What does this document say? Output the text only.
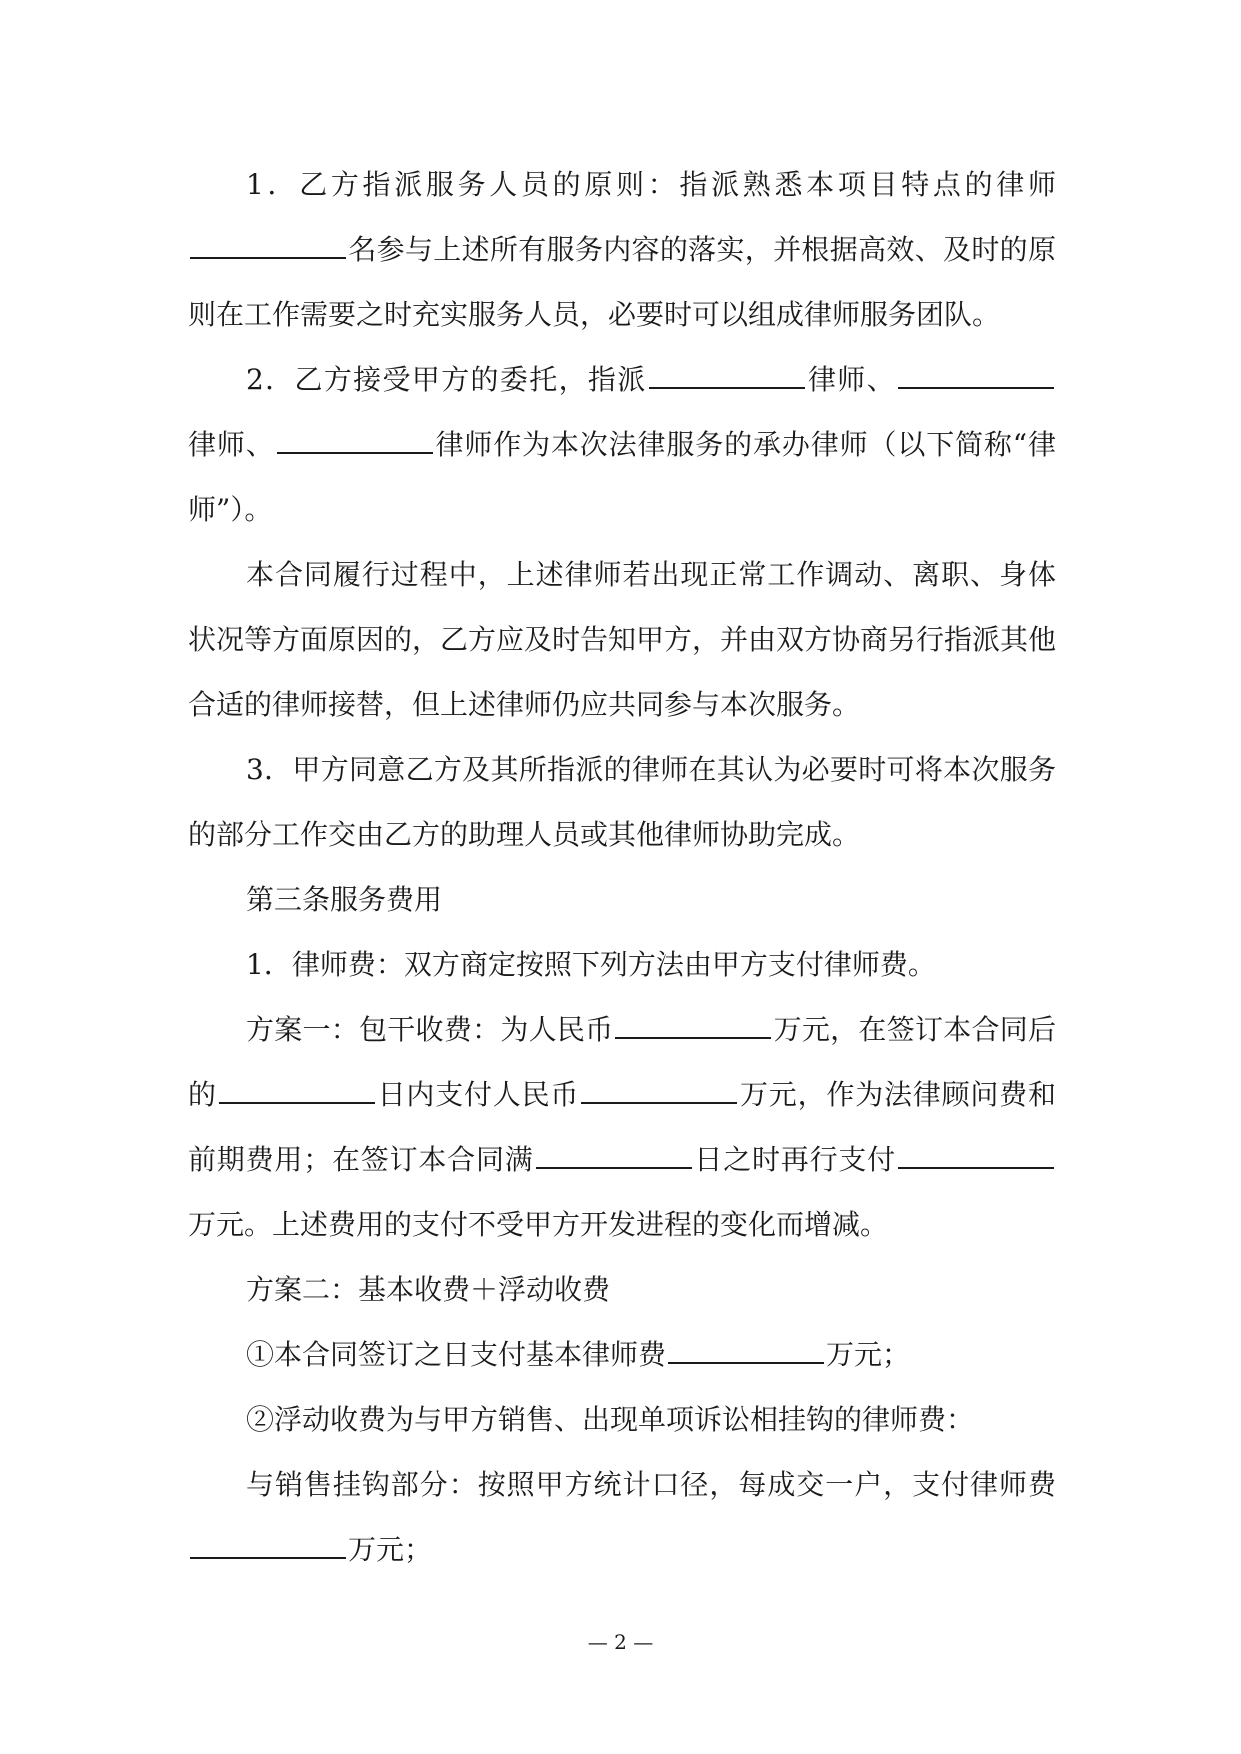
1．乙方指派服务人员的原则：指派熟悉本项目特点的律师名参与上述所有服务内容的落实，并根据高效、及时的原则在工作需要之时充实服务人员，必要时可以组成律师服务团队。

2．乙方接受甲方的委托，指派	律师、律师、	律师作为本次法律服务的承办律师（以下简称“律师”）。

本合同履行过程中，上述律师若出现正常工作调动、离职、身体状况等方面原因的，乙方应及时告知甲方，并由双方协商另行指派其他合适的律师接替，但上述律师仍应共同参与本次服务。

3．甲方同意乙方及其所指派的律师在其认为必要时可将本次服务的部分工作交由乙方的助理人员或其他律师协助完成。

第三条服务费用

1．律师费：双方商定按照下列方法由甲方支付律师费。

方案一：包干收费：为人民币	万元，在签订本合同后的	日内支付人民币	万元，作为法律顾问费和前期费用；在签订本合同满	日之时再行支付万元。上述费用的支付不受甲方开发进程的变化而增减。

方案二：基本收费＋浮动收费

①本合同签订之日支付基本律师费	万元；

②浮动收费为与甲方销售、出现单项诉讼相挂钩的律师费：

与销售挂钩部分：按照甲方统计口径，每成交一户，支付律师费万元；

— 2 —
